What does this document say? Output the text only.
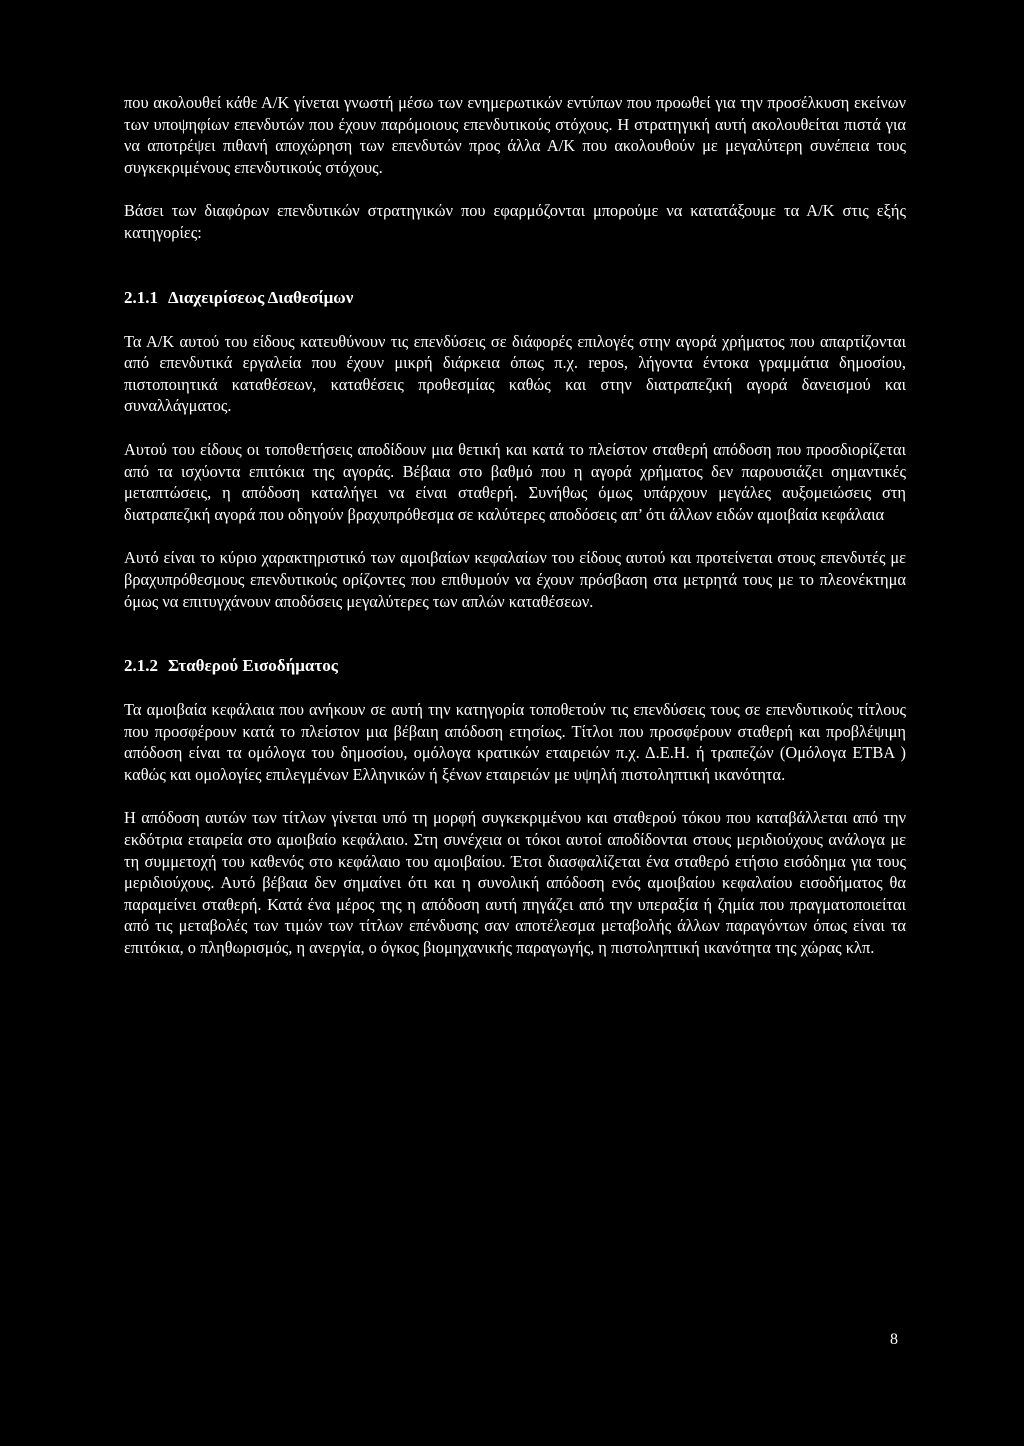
που ακολουθεί κάθε Α/Κ γίνεται γνωστή μέσω των ενημερωτικών εντύπων που προωθεί για την προσέλκυση εκείνων των υποψηφίων επενδυτών που έχουν παρόμοιους επενδυτικούς στόχους. Η στρατηγική αυτή ακολουθείται πιστά για να αποτρέψει πιθανή αποχώρηση των επενδυτών προς άλλα Α/Κ που ακολουθούν με μεγαλύτερη συνέπεια τους συγκεκριμένους επενδυτικούς στόχους.

Βάσει των διαφόρων επενδυτικών στρατηγικών που εφαρμόζονται μπορούμε να κατατάξουμε τα Α/Κ στις εξής κατηγορίες:

2.1.1 Διαχειρίσεως Διαθεσίμων

Τα Α/Κ αυτού του είδους κατευθύνουν τις επενδύσεις σε διάφορές επιλογές στην αγορά χρήματος που απαρτίζονται από επενδυτικά εργαλεία που έχουν μικρή διάρκεια όπως π.χ. repos, λήγοντα έντοκα γραμμάτια δημοσίου, πιστοποιητικά καταθέσεων, καταθέσεις προθεσμίας καθώς και στην διατραπεζική αγορά δανεισμού και συναλλάγματος.

Αυτού του είδους οι τοποθετήσεις αποδίδουν μια θετική και κατά το πλείστον σταθερή απόδοση που προσδιορίζεται από τα ισχύοντα επιτόκια της αγοράς. Βέβαια στο βαθμό που η αγορά χρήματος δεν παρουσιάζει σημαντικές μεταπτώσεις, η απόδοση καταλήγει να είναι σταθερή. Συνήθως όμως υπάρχουν μεγάλες αυξομειώσεις στη διατραπεζική αγορά που οδηγούν βραχυπρόθεσμα σε καλύτερες αποδόσεις απ’ ότι άλλων ειδών αμοιβαία κεφάλαια

Αυτό είναι το κύριο χαρακτηριστικό των αμοιβαίων κεφαλαίων του είδους αυτού και προτείνεται στους επενδυτές με βραχυπρόθεσμους επενδυτικούς ορίζοντες που επιθυμούν να έχουν πρόσβαση στα μετρητά τους με το πλεονέκτημα όμως να επιτυγχάνουν αποδόσεις μεγαλύτερες των απλών καταθέσεων.

2.1.2 Σταθερού Εισοδήματος

Τα αμοιβαία κεφάλαια που ανήκουν σε αυτή την κατηγορία τοποθετούν τις επενδύσεις τους σε επενδυτικούς τίτλους που προσφέρουν κατά το πλείστον μια βέβαιη απόδοση ετησίως. Τίτλοι που προσφέρουν σταθερή και προβλέψιμη απόδοση είναι τα ομόλογα του δημοσίου, ομόλογα κρατικών εταιρειών π.χ. Δ.Ε.Η. ή τραπεζών (Ομόλογα ΕΤΒΑ ) καθώς και ομολογίες επιλεγμένων Ελληνικών ή ξένων εταιρειών με υψηλή πιστοληπτική ικανότητα.

Η απόδοση αυτών των τίτλων γίνεται υπό τη μορφή συγκεκριμένου και σταθερού τόκου που καταβάλλεται από την εκδότρια εταιρεία στο αμοιβαίο κεφάλαιο. Στη συνέχεια οι τόκοι αυτοί αποδίδονται στους μεριδιούχους ανάλογα με τη συμμετοχή του καθενός στο κεφάλαιο του αμοιβαίου. Έτσι διασφαλίζεται ένα σταθερό ετήσιο εισόδημα για τους μεριδιούχους. Αυτό βέβαια δεν σημαίνει ότι και η συνολική απόδοση ενός αμοιβαίου κεφαλαίου εισοδήματος θα παραμείνει σταθερή. Κατά ένα μέρος της η απόδοση αυτή πηγάζει από την υπεραξία ή ζημία που πραγματοποιείται από τις μεταβολές των τιμών των τίτλων επένδυσης σαν αποτέλεσμα μεταβολής άλλων παραγόντων όπως είναι τα επιτόκια, ο πληθωρισμός, η ανεργία, ο όγκος βιομηχανικής παραγωγής, η πιστοληπτική ικανότητα της χώρας κλπ.

8
